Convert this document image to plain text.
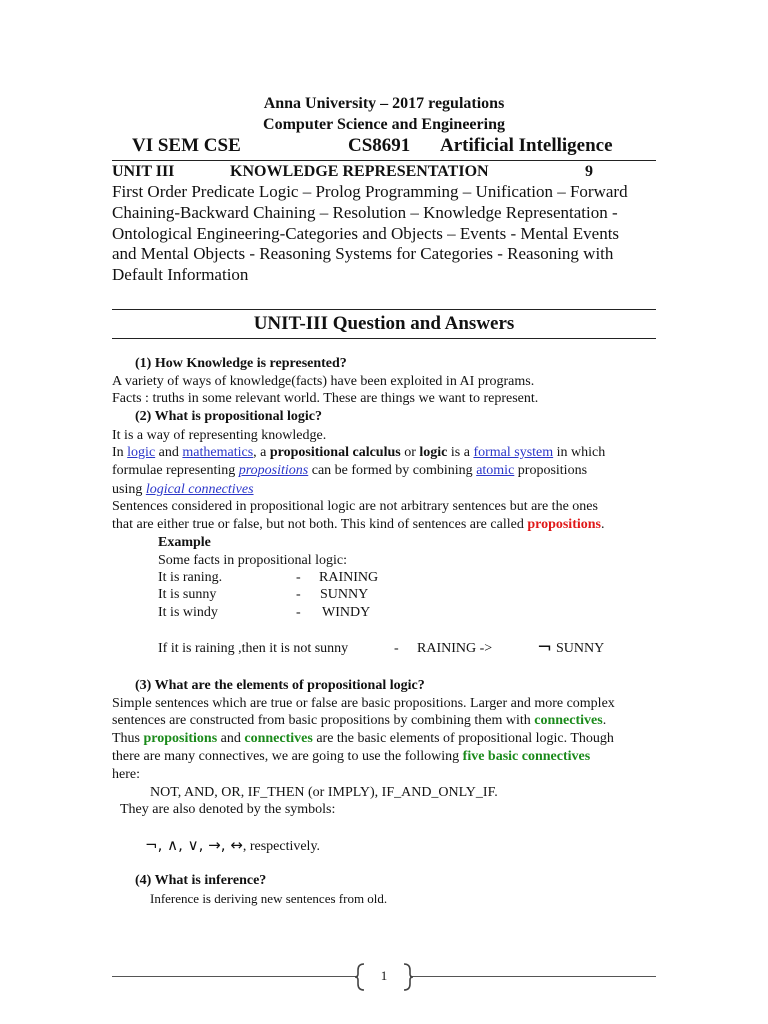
Anna University – 2017 regulations
Computer Science and Engineering
VI SEM CSE	CS8691 Artificial Intelligence
UNIT III	KNOWLEDGE REPRESENTATION	9
First Order Predicate Logic – Prolog Programming – Unification – Forward
Chaining-Backward Chaining – Resolution – Knowledge Representation -
Ontological Engineering-Categories and Objects – Events - Mental Events
and Mental Objects - Reasoning Systems for Categories - Reasoning with
Default Information
UNIT-III Question and Answers
(1) How Knowledge is represented?
A variety of ways of knowledge(facts) have been exploited in AI programs.
Facts : truths in some relevant world. These are things we want to represent.
(2) What is propositional logic?
It is a way of representing knowledge.
In logic and mathematics, a propositional calculus or logic is a formal system in which
formulae representing propositions can be formed by combining atomic propositions
using logical connectives
Sentences considered in propositional logic are not arbitrary sentences but are the ones
that are either true or false, but not both. This kind of sentences are called propositions.
Example
Some facts in propositional logic:
It is raning.	- RAINING
It is sunny	- SUNNY
It is windy	- WINDY
If it is raining ,then it is not sunny	- RAINING -> ¬ SUNNY
(3) What are the elements of propositional logic?
Simple sentences which are true or false are basic propositions. Larger and more complex
sentences are constructed from basic propositions by combining them with connectives.
Thus propositions and connectives are the basic elements of propositional logic. Though
there are many connectives, we are going to use the following five basic connectives
here:
NOT, AND, OR, IF_THEN (or IMPLY), IF_AND_ONLY_IF.
They are also denoted by the symbols:
¬, ∧, ∨, →, ↔, respectively.
(4) What is inference?
Inference is deriving new sentences from old.
1
